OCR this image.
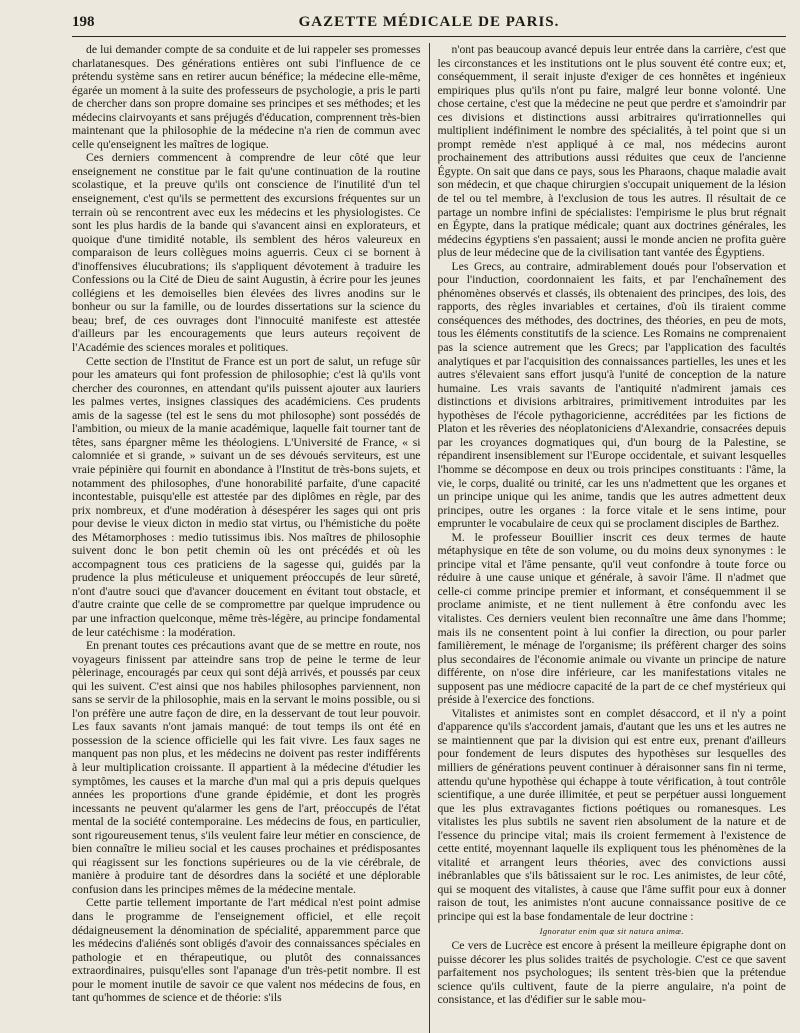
198	GAZETTE MÉDICALE DE PARIS.

de lui demander compte de sa conduite et de lui rappeler ses promesses charlatanesques. Des générations entières ont subi l'influence de ce prétendu système sans en retirer aucun bénéfice; la médecine elle-même, égarée un moment à la suite des professeurs de psychologie, a pris le parti de chercher dans son propre domaine ses principes et ses méthodes; et les médecins clairvoyants et sans préjugés d'éducation, comprennent très-bien maintenant que la philosophie de la médecine n'a rien de commun avec celle qu'enseignent les maîtres de logique.

Ces derniers commencent à comprendre de leur côté que leur enseignement ne constitue par le fait qu'une continuation de la routine scolastique, et la preuve qu'ils ont conscience de l'inutilité d'un tel enseignement, c'est qu'ils se permettent des excursions fréquentes sur un terrain où se rencontrent avec eux les médecins et les physiologistes. Ce sont les plus hardis de la bande qui s'avancent ainsi en explorateurs, et quoique d'une timidité notable, ils semblent des héros valeureux en comparaison de leurs collègues moins aguerris. Ceux ci se bornent à d'inoffensives élucubrations; ils s'appliquent dévotement à traduire les Confessions ou la Cité de Dieu de saint Augustin, à écrire pour les jeunes collégiens et les demoiselles bien élevées des livres anodins sur le bonheur ou sur la famille, ou de lourdes dissertations sur la science du beau; bref, de ces ouvrages dont l'innocuité manifeste est attestée d'ailleurs par les encouragements que leurs auteurs reçoivent de l'Académie des sciences morales et politiques.

Cette section de l'Institut de France est un port de salut, un refuge sûr pour les amateurs qui font profession de philosophie; c'est là qu'ils vont chercher des couronnes, en attendant qu'ils puissent ajouter aux lauriers les palmes vertes, insignes classiques des académiciens. Ces prudents amis de la sagesse (tel est le sens du mot philosophe) sont possédés de l'ambition, ou mieux de la manie académique, laquelle fait tourner tant de têtes, sans épargner même les théologiens. L'Université de France, « si calomniée et si grande, » suivant un de ses dévoués serviteurs, est une vraie pépinière qui fournit en abondance à l'Institut de très-bons sujets, et notamment des philosophes, d'une honorabilité parfaite, d'une capacité incontestable, puisqu'elle est attestée par des diplômes en règle, par des prix nombreux, et d'une modération à désespérer les sages qui ont pris pour devise le vieux dicton in medio stat virtus, ou l'hémistiche du poëte des Métamorphoses : medio tutissimus ibis. Nos maîtres de philosophie suivent donc le bon petit chemin où les ont précédés et où les accompagnent tous ces praticiens de la sagesse qui, guidés par la prudence la plus méticuleuse et uniquement préoccupés de leur sûreté, n'ont d'autre souci que d'avancer doucement en évitant tout obstacle, et d'autre crainte que celle de se compromettre par quelque imprudence ou par une infraction quelconque, même très-légère, au principe fondamental de leur catéchisme : la modération.

En prenant toutes ces précautions avant que de se mettre en route, nos voyageurs finissent par atteindre sans trop de peine le terme de leur pèlerinage, encouragés par ceux qui sont déjà arrivés, et poussés par ceux qui les suivent. C'est ainsi que nos habiles philosophes parviennent, non sans se servir de la philosophie, mais en la servant le moins possible, ou si l'on préfère une autre façon de dire, en la desservant de tout leur pouvoir. Les faux savants n'ont jamais manqué: de tout temps ils ont été en possession de la science officielle qui les fait vivre. Les faux sages ne manquent pas non plus, et les médecins ne doivent pas rester indifférents à leur multiplication croissante. Il appartient à la médecine d'étudier les symptômes, les causes et la marche d'un mal qui a pris depuis quelques années les proportions d'une grande épidémie, et dont les progrès incessants ne peuvent qu'alarmer les gens de l'art, préoccupés de l'état mental de la société contemporaine. Les médecins de fous, en particulier, sont rigoureusement tenus, s'ils veulent faire leur métier en conscience, de bien connaître le milieu social et les causes prochaines et prédisposantes qui réagissent sur les fonctions supérieures ou de la vie cérébrale, de manière à produire tant de désordres dans la société et une déplorable confusion dans les principes mêmes de la médecine mentale.

Cette partie tellement importante de l'art médical n'est point admise dans le programme de l'enseignement officiel, et elle reçoit dédaigneusement la dénomination de spécialité, apparemment parce que les médecins d'aliénés sont obligés d'avoir des connaissances spéciales en pathologie et en thérapeutique, ou plutôt des connaissances extraordinaires, puisqu'elles sont l'apanage d'un très-petit nombre. Il est pour le moment inutile de savoir ce que valent nos médecins de fous, en tant qu'hommes de science et de théorie: s'ils

n'ont pas beaucoup avancé depuis leur entrée dans la carrière, c'est que les circonstances et les institutions ont le plus souvent été contre eux; et, conséquemment, il serait injuste d'exiger de ces honnêtes et ingénieux empiriques plus qu'ils n'ont pu faire, malgré leur bonne volonté. Une chose certaine, c'est que la médecine ne peut que perdre et s'amoindrir par ces divisions et distinctions aussi arbitraires qu'irrationnelles qui multiplient indéfiniment le nombre des spécialités, à tel point que si un prompt remède n'est appliqué à ce mal, nos médecins auront prochainement des attributions aussi réduites que ceux de l'ancienne Égypte. On sait que dans ce pays, sous les Pharaons, chaque maladie avait son médecin, et que chaque chirurgien s'occupait uniquement de la lésion de tel ou tel membre, à l'exclusion de tous les autres. Il résultait de ce partage un nombre infini de spécialistes: l'empirisme le plus brut régnait en Égypte, dans la pratique médicale; quant aux doctrines générales, les médecins égyptiens s'en passaient; aussi le monde ancien ne profita guère plus de leur médecine que de la civilisation tant vantée des Égyptiens.

Les Grecs, au contraire, admirablement doués pour l'observation et pour l'induction, coordonnaient les faits, et par l'enchaînement des phénomènes observés et classés, ils obtenaient des principes, des lois, des rapports, des règles invariables et certaines, d'où ils tiraient comme conséquences des méthodes, des doctrines, des théories, en peu de mots, tous les éléments constitutifs de la science. Les Romains ne comprenaient pas la science autrement que les Grecs; par l'application des facultés analytiques et par l'acquisition des connaissances partielles, les unes et les autres s'élevaient sans effort jusqu'à l'unité de conception de la nature humaine. Les vrais savants de l'antiquité n'admirent jamais ces distinctions et divisions arbitraires, primitivement introduites par les hypothèses de l'école pythagoricienne, accréditées par les fictions de Platon et les rêveries des néoplatoniciens d'Alexandrie, consacrées depuis par les croyances dogmatiques qui, d'un bourg de la Palestine, se répandirent insensiblement sur l'Europe occidentale, et suivant lesquelles l'homme se décompose en deux ou trois principes constituants : l'âme, la vie, le corps, dualité ou trinité, car les uns n'admettent que les organes et un principe unique qui les anime, tandis que les autres admettent deux principes, outre les organes : la force vitale et le sens intime, pour emprunter le vocabulaire de ceux qui se proclament disciples de Barthez.

M. le professeur Bouillier inscrit ces deux termes de haute métaphysique en tête de son volume, ou du moins deux synonymes : le principe vital et l'âme pensante, qu'il veut confondre à toute force ou réduire à une cause unique et générale, à savoir l'âme. Il n'admet que celle-ci comme principe premier et informant, et conséquemment il se proclame animiste, et ne tient nullement à être confondu avec les vitalistes. Ces derniers veulent bien reconnaître une âme dans l'homme; mais ils ne consentent point à lui confier la direction, ou pour parler familièrement, le ménage de l'organisme; ils préfèrent charger des soins plus secondaires de l'économie animale ou vivante un principe de nature différente, on n'ose dire inférieure, car les manifestations vitales ne supposent pas une médiocre capacité de la part de ce chef mystérieux qui préside à l'exercice des fonctions.

Vitalistes et animistes sont en complet désaccord, et il n'y a point d'apparence qu'ils s'accordent jamais, d'autant que les uns et les autres ne se maintiennent que par la division qui est entre eux, prenant d'ailleurs pour fondement de leurs disputes des hypothèses sur lesquelles des milliers de générations peuvent continuer à déraisonner sans fin ni terme, attendu qu'une hypothèse qui échappe à toute vérification, à tout contrôle scientifique, a une durée illimitée, et peut se perpétuer aussi longuement que les plus extravagantes fictions poétiques ou romanesques. Les vitalistes les plus subtils ne savent rien absolument de la nature et de l'essence du principe vital; mais ils croient fermement à l'existence de cette entité, moyennant laquelle ils expliquent tous les phénomènes de la vitalité et arrangent leurs théories, avec des convictions aussi inébranlables que s'ils bâtissaient sur le roc. Les animistes, de leur côté, qui se moquent des vitalistes, à cause que l'âme suffit pour eux à donner raison de tout, les animistes n'ont aucune connaissance positive de ce principe qui est la base fondamentale de leur doctrine :

Ignoratur enim quæ sit natura animæ.

Ce vers de Lucrèce est encore à présent la meilleure épigraphe dont on puisse décorer les plus solides traités de psychologie. C'est ce que savent parfaitement nos psychologues; ils sentent très-bien que la prétendue science qu'ils cultivent, faute de la pierre angulaire, n'a point de consistance, et las d'édifier sur le sable mou-
